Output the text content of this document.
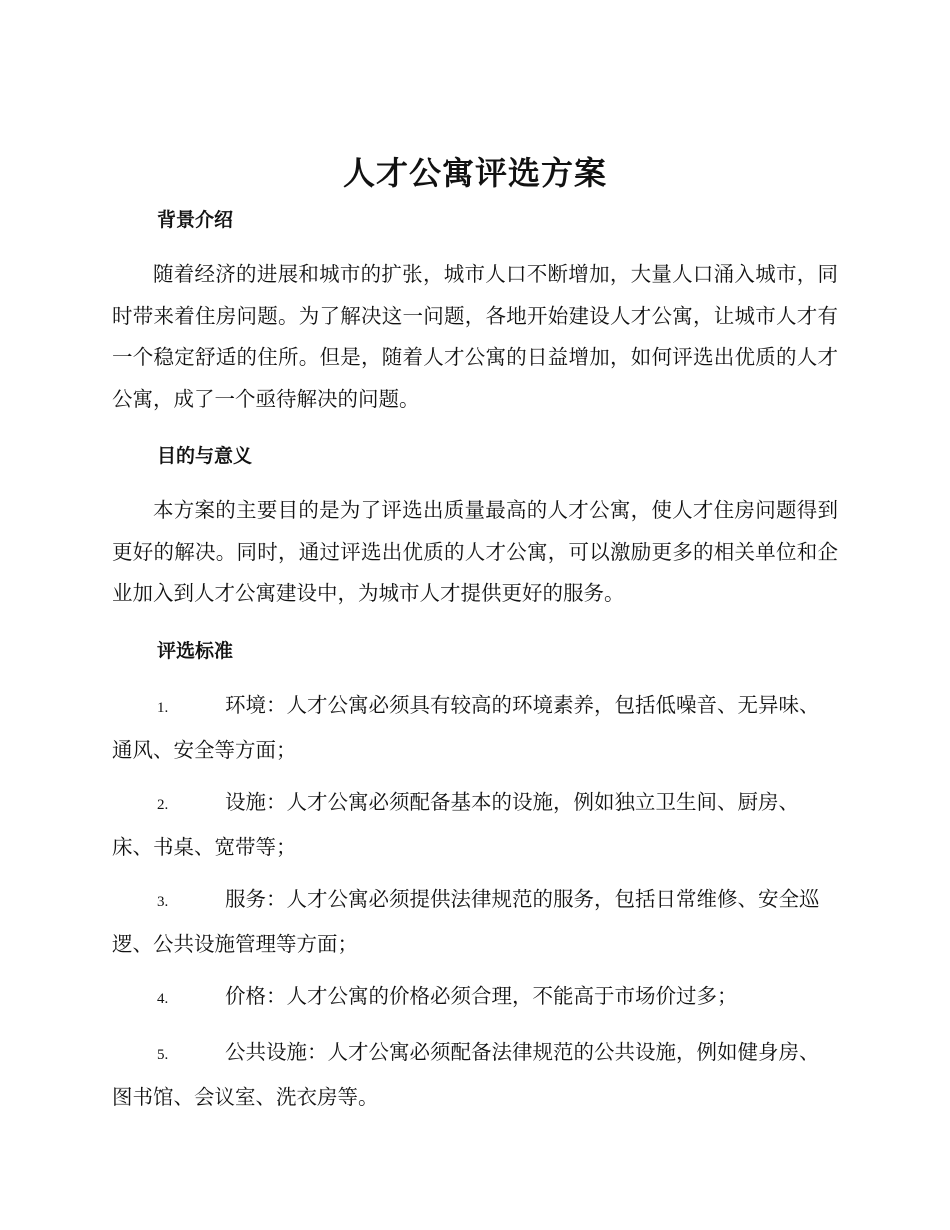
人才公寓评选方案
背景介绍

随着经济的进展和城市的扩张，城市人口不断增加，大量人口涌入城市，同时带来着住房问题。为了解决这一问题，各地开始建设人才公寓，让城市人才有一个稳定舒适的住所。但是，随着人才公寓的日益增加，如何评选出优质的人才公寓，成了一个亟待解决的问题。

目的与意义

本方案的主要目的是为了评选出质量最高的人才公寓，使人才住房问题得到更好的解决。同时，通过评选出优质的人才公寓，可以激励更多的相关单位和企业加入到人才公寓建设中，为城市人才提供更好的服务。

评选标准

1.	环境：人才公寓必须具有较高的环境素养，包括低噪音、无异味、通风、安全等方面；

2.	设施：人才公寓必须配备基本的设施，例如独立卫生间、厨房、床、书桌、宽带等；

3.	服务：人才公寓必须提供法律规范的服务，包括日常维修、安全巡逻、公共设施管理等方面；

4.	价格：人才公寓的价格必须合理，不能高于市场价过多；

5.	公共设施：人才公寓必须配备法律规范的公共设施，例如健身房、图书馆、会议室、洗衣房等。
